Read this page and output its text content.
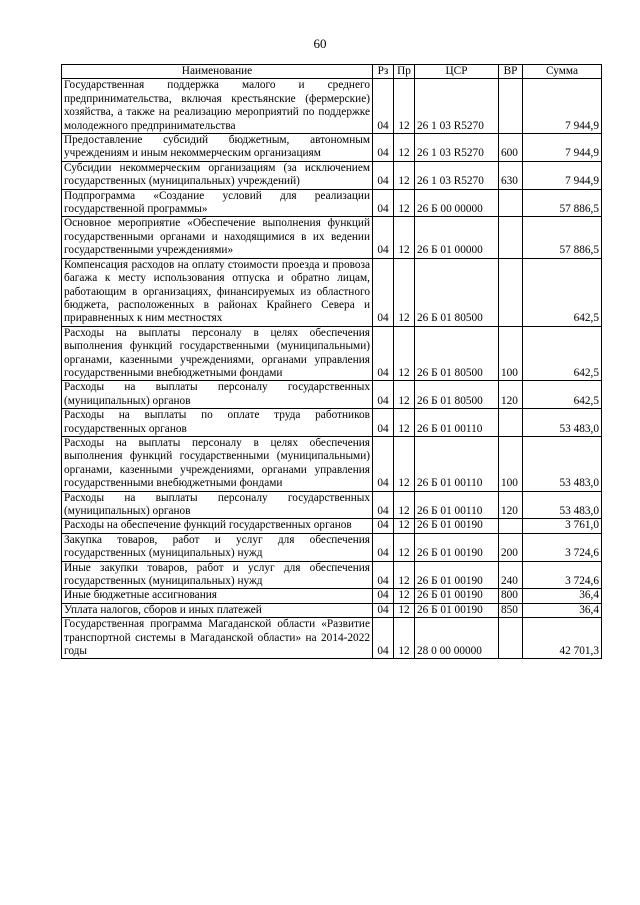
60
Наименование	Рз	Пр	ЦСР	ВР	Сумма
Государственная поддержка малого и среднего предпринимательства, включая крестьянские (фермерские) хозяйства, а также на реализацию мероприятий по поддержке молодежного предпринимательства	04	12	26 1 03 R5270		7 944,9
Предоставление субсидий бюджетным, автономным учреждениям и иным некоммерческим организациям	04	12	26 1 03 R5270	600	7 944,9
Субсидии некоммерческим организациям (за исключением государственных (муниципальных) учреждений)	04	12	26 1 03 R5270	630	7 944,9
Подпрограмма «Создание условий для реализации государственной программы»	04	12	26 Б 00 00000		57 886,5
Основное мероприятие «Обеспечение выполнения функций государственными органами и находящимися в их ведении государственными учреждениями»	04	12	26 Б 01 00000		57 886,5
Компенсация расходов на оплату стоимости проезда и провоза багажа к месту использования отпуска и обратно лицам, работающим в организациях, финансируемых из областного бюджета, расположенных в районах Крайнего Севера и приравненных к ним местностях	04	12	26 Б 01 80500		642,5
Расходы на выплаты персоналу в целях обеспечения выполнения функций государственными (муниципальными) органами, казенными учреждениями, органами управления государственными внебюджетными фондами	04	12	26 Б 01 80500	100	642,5
Расходы на выплаты персоналу государственных (муниципальных) органов	04	12	26 Б 01 80500	120	642,5
Расходы на выплаты по оплате труда работников государственных органов	04	12	26 Б 01 00110		53 483,0
Расходы на выплаты персоналу в целях обеспечения выполнения функций государственными (муниципальными) органами, казенными учреждениями, органами управления государственными внебюджетными фондами	04	12	26 Б 01 00110	100	53 483,0
Расходы на выплаты персоналу государственных (муниципальных) органов	04	12	26 Б 01 00110	120	53 483,0
Расходы на обеспечение функций государственных органов	04	12	26 Б 01 00190		3 761,0
Закупка товаров, работ и услуг для обеспечения государственных (муниципальных) нужд	04	12	26 Б 01 00190	200	3 724,6
Иные закупки товаров, работ и услуг для обеспечения государственных (муниципальных) нужд	04	12	26 Б 01 00190	240	3 724,6
Иные бюджетные ассигнования	04	12	26 Б 01 00190	800	36,4
Уплата налогов, сборов и иных платежей	04	12	26 Б 01 00190	850	36,4
Государственная программа Магаданской области «Развитие транспортной системы в Магаданской области» на 2014-2022 годы	04	12	28 0 00 00000		42 701,3
